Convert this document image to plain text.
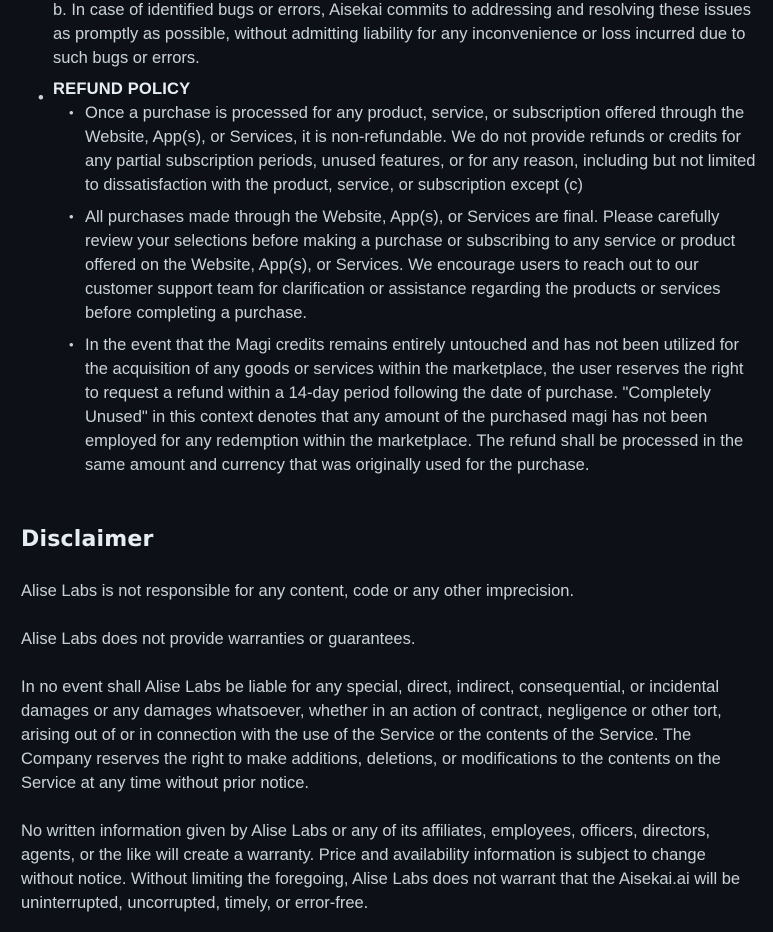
b. In case of identified bugs or errors, Aisekai commits to addressing and resolving these issues as promptly as possible, without admitting liability for any inconvenience or loss incurred due to such bugs or errors.

• REFUND POLICY

• Once a purchase is processed for any product, service, or subscription offered through the Website, App(s), or Services, it is non-refundable. We do not provide refunds or credits for any partial subscription periods, unused features, or for any reason, including but not limited to dissatisfaction with the product, service, or subscription except (c)
• All purchases made through the Website, App(s), or Services are final. Please carefully review your selections before making a purchase or subscribing to any service or product offered on the Website, App(s), or Services. We encourage users to reach out to our customer support team for clarification or assistance regarding the products or services before completing a purchase.
• In the event that the Magi credits remains entirely untouched and has not been utilized for the acquisition of any goods or services within the marketplace, the user reserves the right to request a refund within a 14-day period following the date of purchase. "Completely Unused" in this context denotes that any amount of the purchased magi has not been employed for any redemption within the marketplace. The refund shall be processed in the same amount and currency that was originally used for the purchase.
Disclaimer

Alise Labs is not responsible for any content, code or any other imprecision.

Alise Labs does not provide warranties or guarantees.

In no event shall Alise Labs be liable for any special, direct, indirect, consequential, or incidental damages or any damages whatsoever, whether in an action of contract, negligence or other tort, arising out of or in connection with the use of the Service or the contents of the Service. The Company reserves the right to make additions, deletions, or modifications to the contents on the Service at any time without prior notice.

No written information given by Alise Labs or any of its affiliates, employees, officers, directors, agents, or the like will create a warranty. Price and availability information is subject to change without notice. Without limiting the foregoing, Alise Labs does not warrant that the Aisekai.ai will be uninterrupted, uncorrupted, timely, or error-free.
